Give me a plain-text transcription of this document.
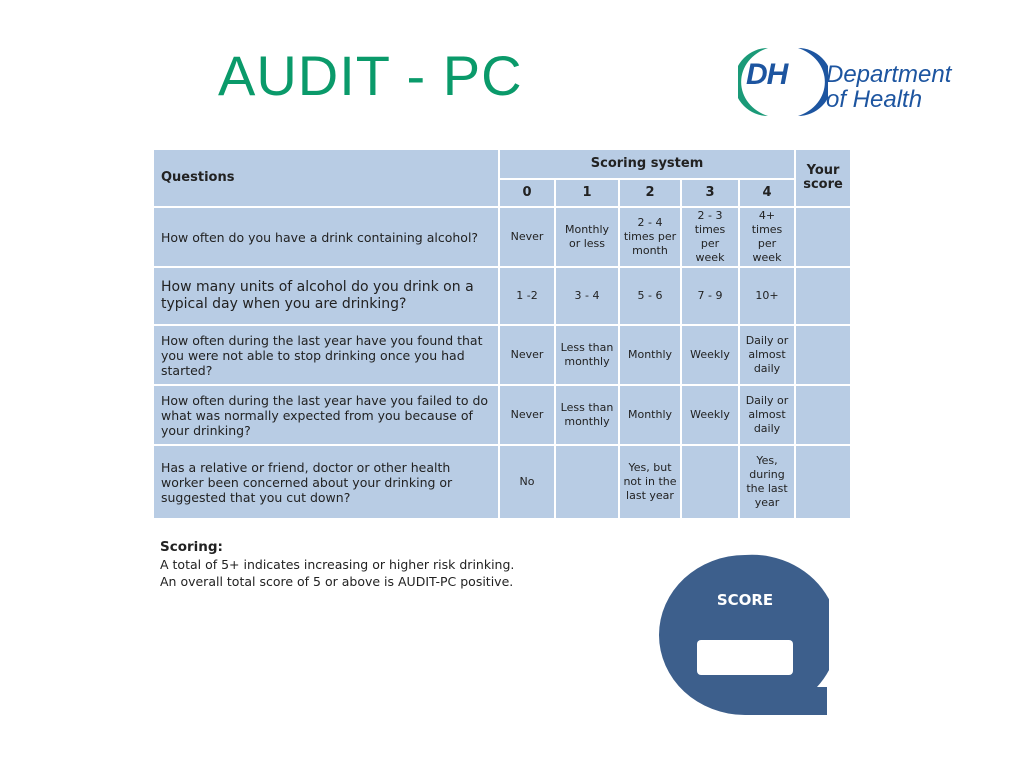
AUDIT - PC	DH Department
of Health
Questions	Scoring system					Your score
	0	1	2	3	4	
How often do you have a drink containing alcohol?	Never	Monthly or less	2 - 4 times per month	2 - 3 times per week	4+ times per week	
How many units of alcohol do you drink on a typical day when you are drinking?	1 -2	3 - 4	5 - 6	7 - 9	10+	
How often during the last year have you found that you were not able to stop drinking once you had started?	Never	Less than monthly	Monthly	Weekly	Daily or almost daily	
How often during the last year have you failed to do what was normally expected from you because of your drinking?	Never	Less than monthly	Monthly	Weekly	Daily or almost daily	
Has a relative or friend, doctor or other health worker been concerned about your drinking or suggested that you cut down?	No		Yes, but not in the last year		Yes, during the last year	
Scoring:
A total of 5+ indicates increasing or higher risk drinking.
An overall total score of 5 or above is AUDIT-PC positive.
SCORE
